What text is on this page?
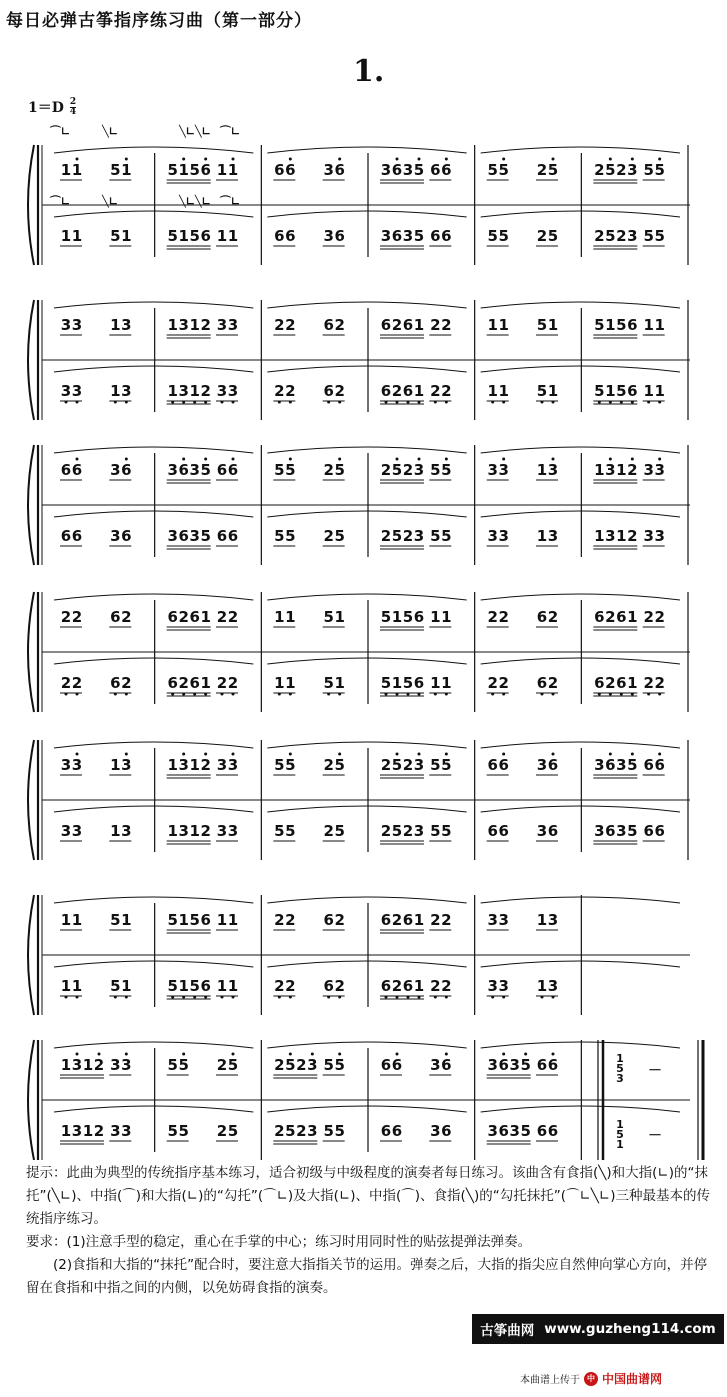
每日必弹古筝指序练习曲（第一部分）
1.
1＝D 2
4
1
1
1
1
5
5
1
1
5
5
1
1
5
5
6
6
1
1
1
1
6
6
6
6
3
3
6
6
3
3
6
6
3
3
5
5
6
6
6
6
5
5
5
5
2
2
5
5
2
2
5
5
2
2
3
3
5
5
5
5
3
3
3
3
1
1
3
3
1
1
3
3
1
1
2
2
3
3
3
3
2
2
2
2
6
6
2
2
6
6
2
2
6
6
1
1
2
2
2
2
1
1
1
1
5
5
1
1
5
5
1
1
5
5
6
6
1
1
1
1
6
6
6
6
3
3
6
6
3
3
6
6
3
3
5
5
6
6
6
6
5
5
5
5
2
2
5
5
2
2
5
5
2
2
3
3
5
5
5
5
3
3
3
3
1
1
3
3
1
1
3
3
1
1
2
2
3
3
3
3
2
2
2
2
6
6
2
2
6
6
2
2
6
6
1
1
2
2
2
2
1
1
1
1
5
5
1
1
5
5
1
1
5
5
6
6
1
1
1
1
2
2
2
2
6
6
2
2
6
6
2
2
6
6
1
1
2
2
2
2
3
3
3
3
1
1
3
3
1
1
3
3
1
1
2
2
3
3
3
3
5
5
5
5
2
2
5
5
2
2
5
5
2
2
3
3
5
5
5
5
6
6
6
6
3
3
6
6
3
3
6
6
3
3
5
5
6
6
6
6
1
1
1
1
5
5
1
1
5
5
1
1
5
5
6
6
1
1
1
1
2
2
2
2
6
6
2
2
6
6
2
2
6
6
1
1
2
2
2
2
3
3
3
3
1
1
3
3
1
1
3
3
1
1
2
2
3
3
3
3
5
5
5
5
2
2
5
5
2
2
5
5
2
2
3
3
5
5
5
5
6
6
6
6
3
3
6
6
3
3
6
6
3
3
5
5
6
6
6
6
⌒∟	╲∟	╲∟╲∟ ⌒∟
⌒∟	╲∟	╲∟╲∟ ⌒∟
1
5
3
1
5
1
－
－

提示：此曲为典型的传统指序基本练习，适合初级与中级程度的演奏者每日练习。该曲含有食指(╲)和大指(∟)的“抹托”(╲∟)、中指(⌒)和大指(∟)的“勾托”(⌒∟)及大指(∟)、中指(⌒)、食指(╲)的“勾托抹托”(⌒∟╲∟)三种最基本的传统指序练习。

要求：(1)注意手型的稳定，重心在手掌的中心；练习时用同时性的贴弦提弹法弹奏。

(2)食指和大指的“抹托”配合时，要注意大指指关节的运用。弹奏之后，大指的指尖应自然伸向掌心方向，并停留在食指和中指之间的内侧，以免妨碍食指的演奏。

古筝曲网 www.guzheng114.com
本曲谱上传于 中 中国曲谱网
